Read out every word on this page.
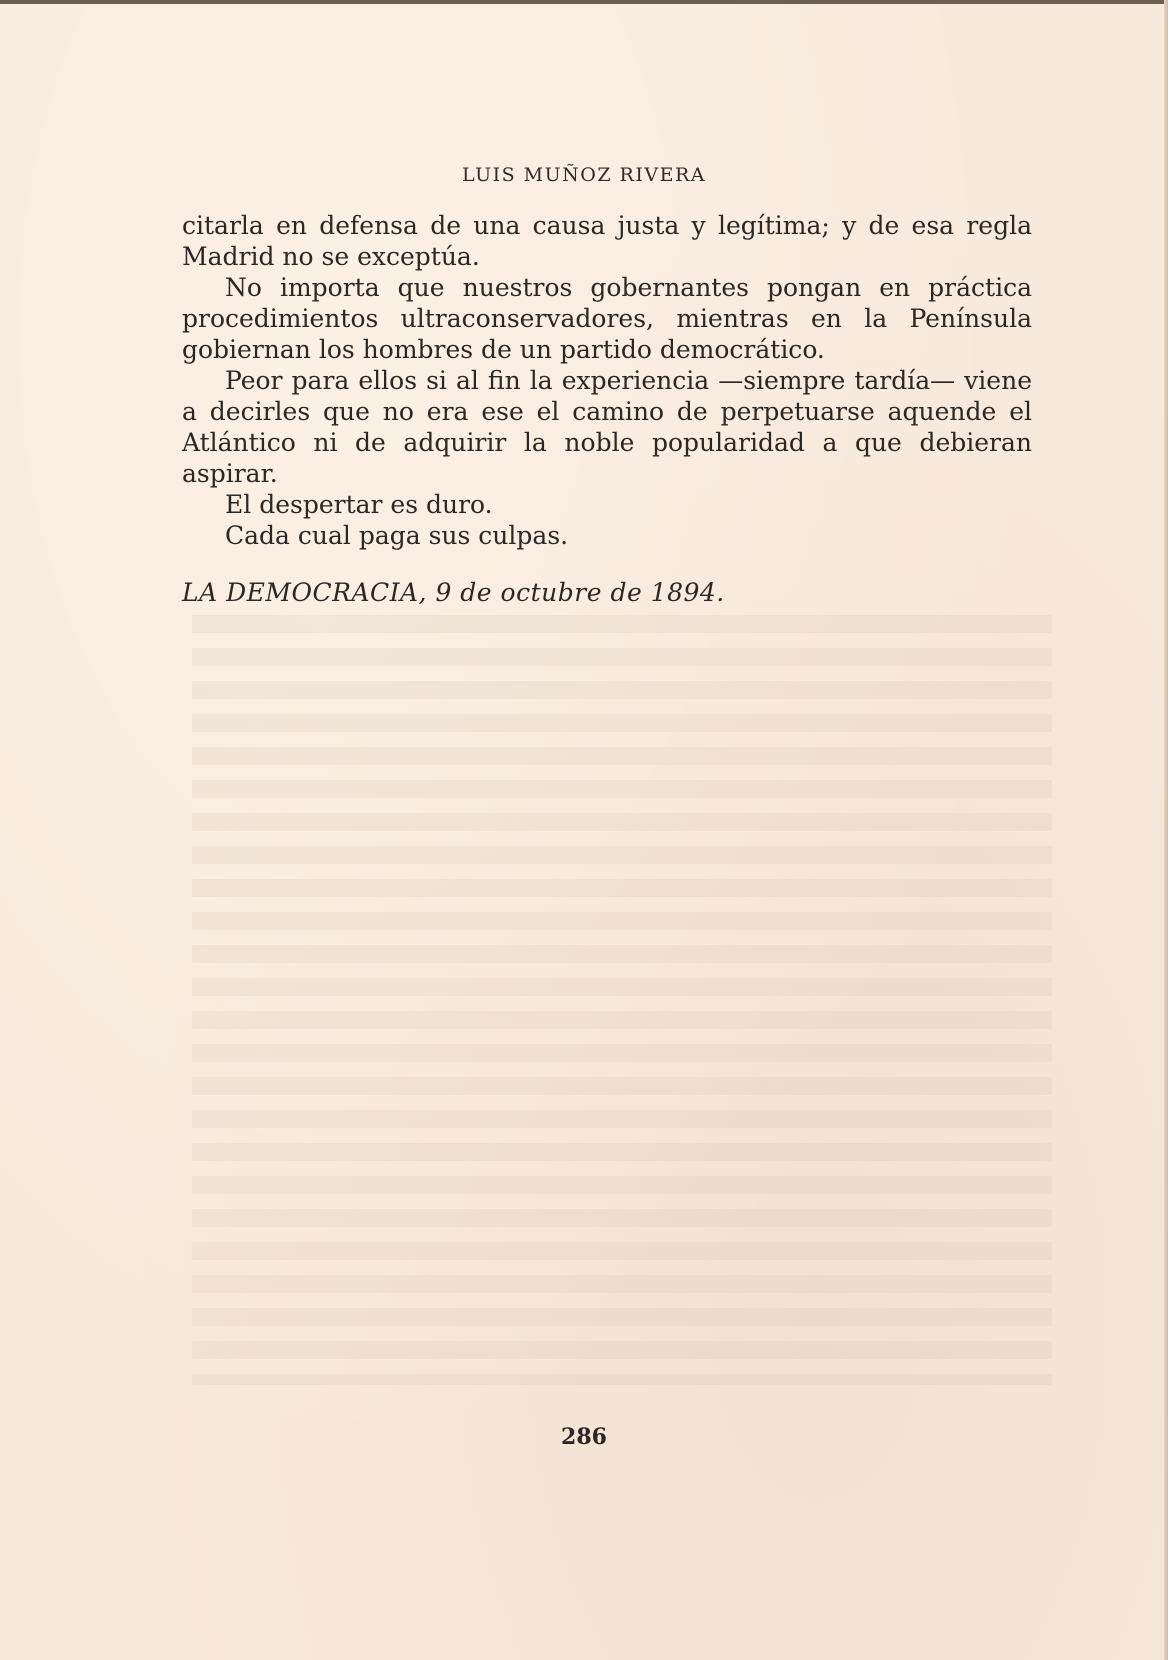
LUIS MUÑOZ RIVERA

citarla en defensa de una causa justa y legítima; y de esa regla Madrid no se exceptúa.

No importa que nuestros gobernantes pongan en práctica procedimientos ultraconservadores, mientras en la Península gobiernan los hombres de un partido democrático.

Peor para ellos si al fin la experiencia —siempre tardía— viene a decirles que no era ese el camino de perpetuarse aquende el Atlántico ni de adquirir la noble popularidad a que debieran aspirar.

El despertar es duro.

Cada cual paga sus culpas.

LA DEMOCRACIA, 9 de octubre de 1894.
286
